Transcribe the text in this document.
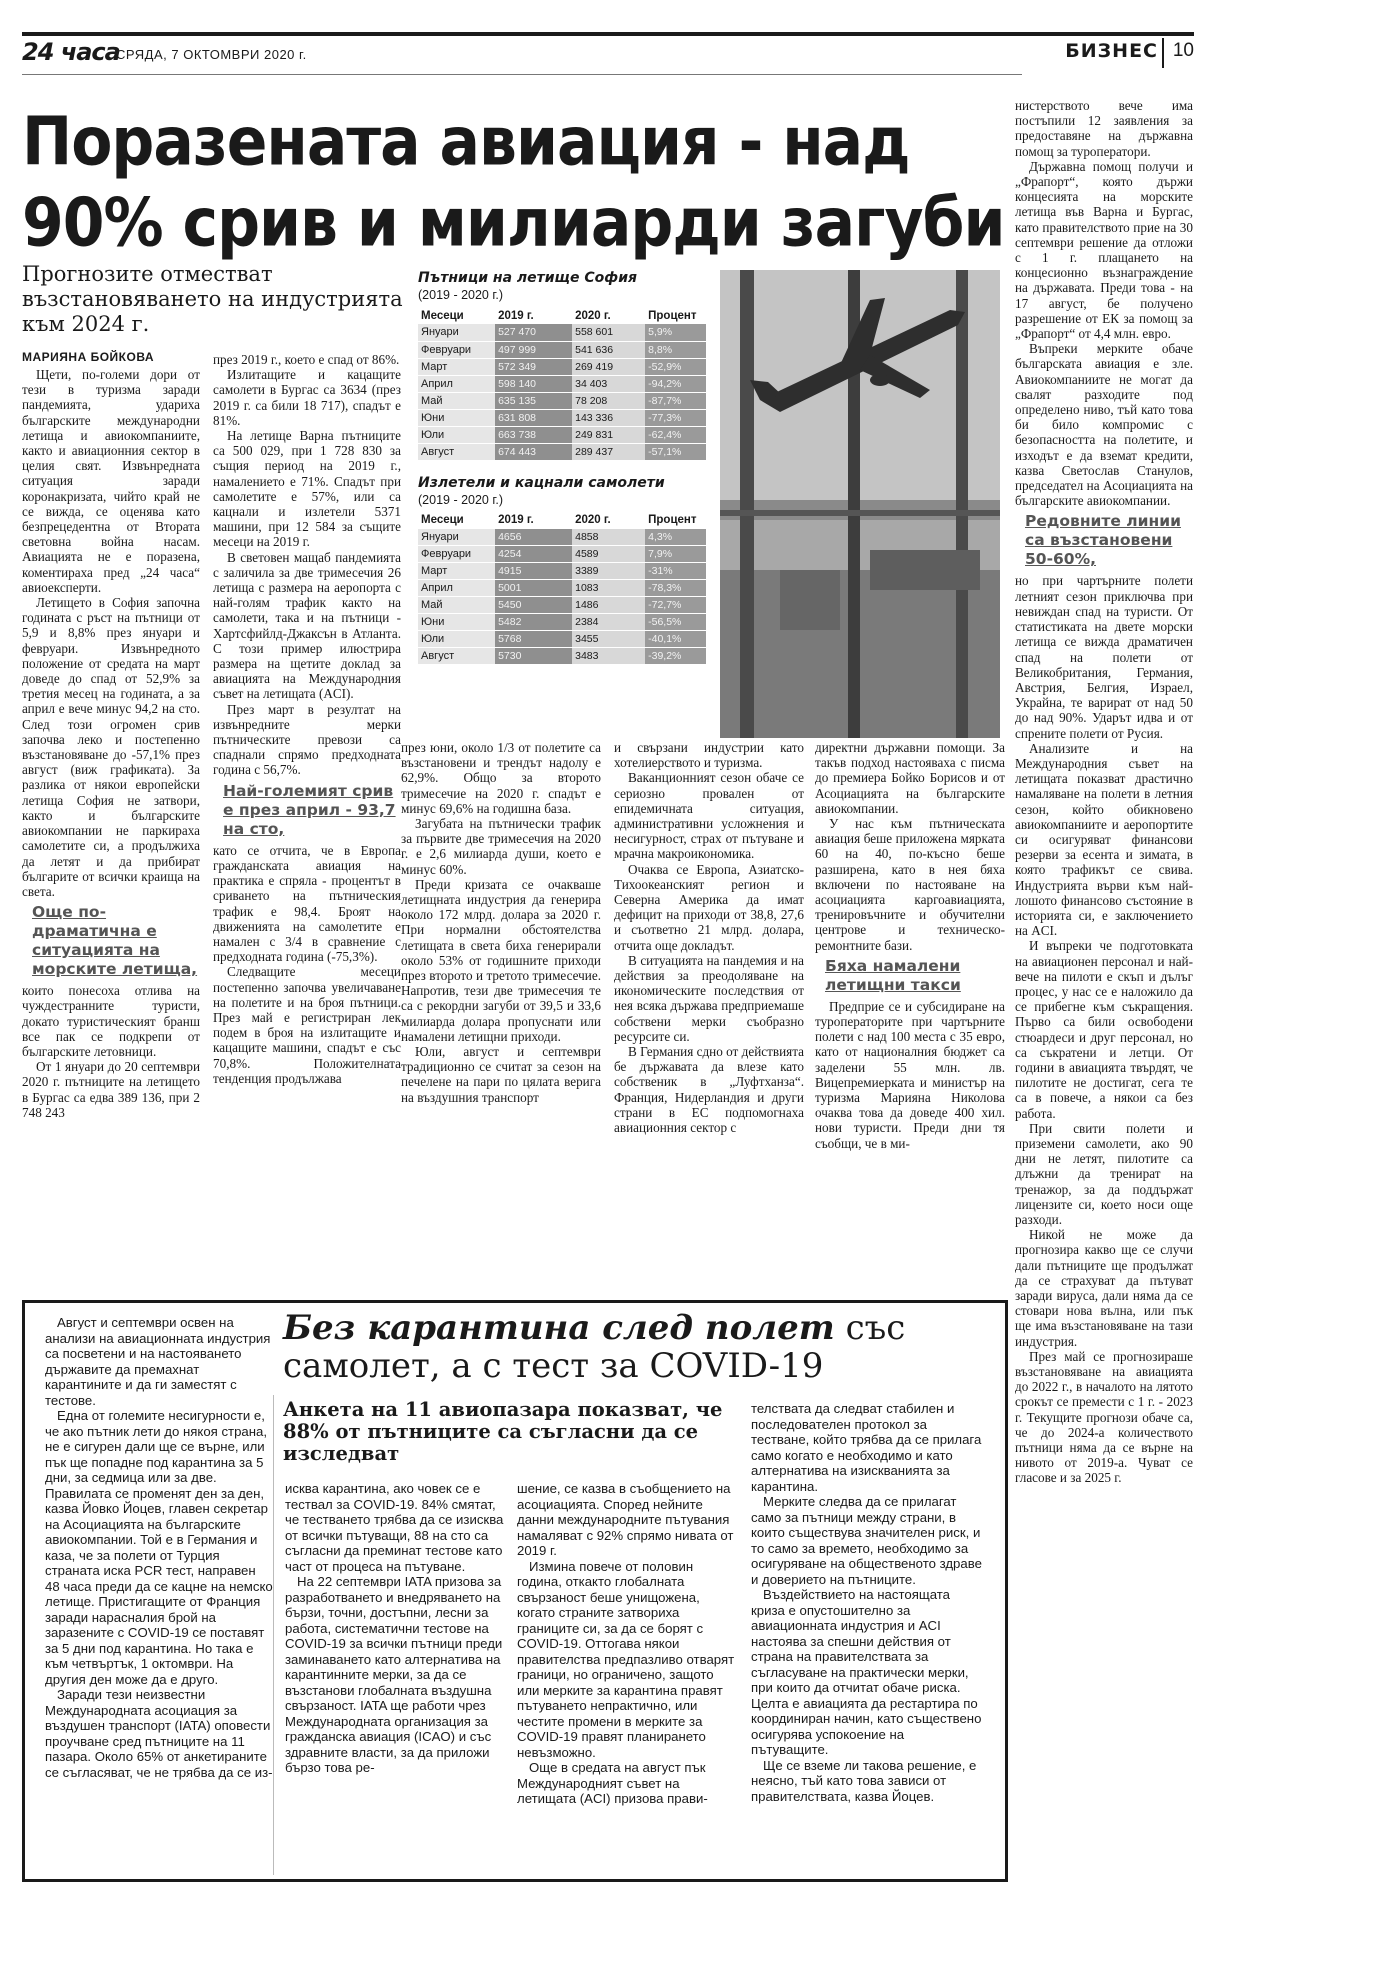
24 часа
СРЯДА, 7 ОКТОМВРИ 2020 г.	БИЗНЕС 10
Поразената авиация - над
90% срив и милиарди загуби
Прогнозите отместват възстановяването на индустрията към 2024 г.
МАРИЯНА БОЙКОВА

Щети, по-големи дори от тези в туризма заради пандемията, удариха българските международни летища и авиокомпаниите, както и авиационния сектор в целия свят. Извънредната ситуация заради коронакризата, чийто край не се вижда, се оценява като безпрецедентна от Втората световна война насам. Авиацията не е поразена, коментираха пред „24 часа“ авиоексперти.

Летището в София започна годината с ръст на пътници от 5,9 и 8,8% през януари и февруари. Извънредното положение от средата на март доведе до спад от 52,9% за третия месец на годината, а за април е вече минус 94,2 на сто. След този огромен срив започва леко и постепенно възстановяване до -57,1% през август (виж графиката). За разлика от някои европейски летища София не затвори, както и българските авиокомпании не паркираха самолетите си, а продължиха да летят и да прибират българите от всички краища на света.

Още по-драматична е ситуацията на морските летища,

които понесоха отлива на чуждестранните туристи, докато туристическият бранш все пак се подкрепи от българските летовници.

От 1 януари до 20 септември 2020 г. пътниците на летището в Бургас са едва 389 136, при 2 748 243

през 2019 г., което е спад от 86%.

Излитащите и кацащите самолети в Бургас са 3634 (през 2019 г. са били 18 717), спадът е 81%.

На летище Варна пътниците са 500 029, при 1 728 830 за същия период на 2019 г., намалението е 71%. Спадът при самолетите е 57%, или са кацнали и излетели 5371 машини, при 12 584 за същите месеци на 2019 г.

В световен мащаб пандемията с заличила за две тримесечия 26 летища с размера на аеропорта с най-голям трафик както на самолети, така и на пътници - Хартсфийлд-Джаксън в Атланта. С този пример илюстрира размера на щетите доклад за авиацията на Международния съвет на летищата (ACI).

През март в резултат на извънредните мерки пътническите превози са спаднали спрямо предходната година с 56,7%.

Най-големият срив е през април - 93,7 на сто,

като се отчита, че в Европа гражданската авиация на практика е спряла - процентът в сриването на пътническия трафик е 98,4. Броят на движенията на самолетите е намален с 3/4 в сравнение с предходната година (-75,3%).

Следващите месеци постепенно започва увеличаване на полетите и на броя пътници. През май е регистриран лек подем в броя на излитащите и кацащите машини, спадът е със 70,8%. Положителната тенденция продължава

Пътници на летище София
(2019 - 2020 г.)
Месеци	2019 г.	2020 г.	Процент
Януари	527 470	558 601	5,9%
Февруари	497 999	541 636	8,8%
Март	572 349	269 419	-52,9%
Април	598 140	34 403	-94,2%
Май	635 135	78 208	-87,7%
Юни	631 808	143 336	-77,3%
Юли	663 738	249 831	-62,4%
Август	674 443	289 437	-57,1%
Излетели и кацнали самолети
(2019 - 2020 г.)
Месеци	2019 г.	2020 г.	Процент
Януари	4656	4858	4,3%
Февруари	4254	4589	7,9%
Март	4915	3389	-31%
Април	5001	1083	-78,3%
Май	5450	1486	-72,7%
Юни	5482	2384	-56,5%
Юли	5768	3455	-40,1%
Август	5730	3483	-39,2%

през юни, около 1/3 от полетите са възстановени и трендът надолу е 62,9%. Общо за второто тримесечие на 2020 г. спадът е минус 69,6% на годишна база.

Загубата на пътнически трафик за първите две тримесечия на 2020 г. е 2,6 милиарда души, което е минус 60%.

Преди кризата се очакваше летищната индустрия да генерира около 172 млрд. долара за 2020 г. При нормални обстоятелства летищата в света биха генерирали около 53% от годишните приходи през второто и третото тримесечие. Напротив, тези две тримесечия те са с рекордни загуби от 39,5 и 33,6 милиарда долара пропуснати или намалени летищни приходи.

Юли, август и септември традиционно се считат за сезон на печелене на пари по цялата верига на въздушния транспорт

и свързани индустрии като хотелиерството и туризма.

Ваканционният сезон обаче се сериозно провален от епидемичната ситуация, административни усложнения и несигурност, страх от пътуване и мрачна макроикономика.

Очаква се Европа, Азиатско-Тихоокеанският регион и Северна Америка да имат дефицит на приходи от 38,8, 27,6 и съответно 21 млрд. долара, отчита още докладът.

В ситуацията на пандемия и на действия за преодоляване на икономическите последствия от нея всяка държава предприемаше собствени мерки съобразно ресурсите си.

В Германия сдно от действията бе държавата да влезе като собственик в „Луфтханза“. Франция, Нидерландия и други страни в ЕС подпомогнаха авиационния сектор с

директни държавни помощи. За такъв подход настояваха с писма до премиера Бойко Борисов и от Асоциацията на българските авиокомпании.

У нас към пътническата авиация беше приложена мярката 60 на 40, по-късно беше разширена, като в нея бяха включени по настояване на асоциацията каргоавиацията, тренировъчните и обучителни центрове и техническо-ремонтните бази.

Бяха намалени летищни такси

Предприе се и субсидиране на туроператорите при чартърните полети с над 100 места с 35 евро, като от националния бюджет са заделени 55 млн. лв. Вицепремиерката и министър на туризма Марияна Николова очаква това да доведе 400 хил. нови туристи. Преди дни тя съобщи, че в ми-

нистерството вече има постъпили 12 заявления за предоставяне на държавна помощ за туроператори.

Държавна помощ получи и „Фрапорт“, която държи концесията на морските летища във Варна и Бургас, като правителството прие на 30 септември решение да отложи с 1 г. плащането на концесионно възнаграждение на държавата. Преди това - на 17 август, бе получено разрешение от ЕК за помощ за „Фрапорт“ от 4,4 млн. евро.

Въпреки мерките обаче българската авиация е зле. Авиокомпаниите не могат да свалят разходите под определено ниво, тъй като това би било компромис с безопасността на полетите, и изходът е да вземат кредити, казва Светослав Станулов, председател на Асоциацията на българските авиокомпании.

Редовните линии са възстановени 50-60%,

но при чартърните полети летният сезон приключва при невиждан спад на туристи. От статистиката на двете морски летища се вижда драматичен спад на полети от Великобритания, Германия, Австрия, Белгия, Израел, Украйна, те варират от над 50 до над 90%. Ударът идва и от спрените полети от Русия.

Анализите и на Международния съвет на летищата показват драстично намаляване на полети в летния сезон, който обикновено авиокомпаниите и аеропортите си осигуряват финансови резерви за есента и зимата, в която трафикът се свива. Индустрията върви към най-лошото финансово състояние в историята си, е заключението на ACI.

И въпреки че подготовката на авиационен персонал и най-вече на пилоти е скъп и дълъг процес, у нас се е наложило да се прибегне към съкращения. Първо са били освободени стюардеси и друг персонал, но са съкратени и летци. От години в авиацията твърдят, че пилотите не достигат, сега те са в повече, а някои са без работа.

При свити полети и приземени самолети, ако 90 дни не летят, пилотите са длъжни да тренират на тренажор, за да поддържат лицензите си, което носи още разходи.

Никой не може да прогнозира какво ще се случи дали пътниците ще продължат да се страхуват да пътуват заради вируса, дали няма да се стовари нова вълна, или пък ще има възстановяване на тази индустрия.

През май се прогнозираше възстановяване на авиацията до 2022 г., в началото на лятото срокът се премести с 1 г. - 2023 г. Текущите прогнози обаче са, че до 2024-а количеството пътници няма да се върне на нивото от 2019-а. Чуват се гласове и за 2025 г.

Август и септември освен на анализи на авиационната индустрия са посветени и на настояването държавите да премахнат карантините и да ги заместят с тестове.

Една от големите несигурности е, че ако пътник лети до някоя страна, не е сигурен дали ще се върне, или пък ще попадне под карантина за 5 дни, за седмица или за две. Правилата се променят ден за ден, казва Йовко Йоцев, главен секретар на Асоциацията на българските авиокомпании. Той е в Германия и каза, че за полети от Турция страната иска PCR тест, направен 48 часа преди да се кацне на немско летище. Пристигащите от Франция заради нарасналия брой на заразените с COVID-19 се поставят за 5 дни под карантина. Но така е към четвъртък, 1 октомври. На другия ден може да е друго.

Заради тези неизвестни Международната асоциация за въздушен транспорт (IATA) оповести проучване сред пътниците на 11 пазара. Около 65% от анкетираните се съгласяват, че не трябва да се из-

Без карантина след полет със самолет, а с тест за COVID-19
Анкета на 11 авиопазара показват, че 88% от пътниците са съгласни да се изследват

исква карантина, ако човек се е тествал за COVID-19. 84% смятат, че тестването трябва да се изисква от всички пътуващи, 88 на сто са съгласни да преминат тестове като част от процеса на пътуване.

На 22 септември IATA призова за разработването и внедряването на бързи, точни, достъпни, лесни за работа, систематични тестове на COVID-19 за всички пътници преди заминаването като алтернатива на карантинните мерки, за да се възстанови глобалната въздушна свързаност. IATA ще работи чрез Международната организация за гражданска авиация (ICAO) и със здравните власти, за да приложи бързо това ре-

шение, се казва в съобщението на асоциацията. Според нейните данни международните пътувания намаляват с 92% спрямо нивата от 2019 г.

Измина повече от половин година, откакто глобалната свързаност беше унищожена, когато страните затвориха границите си, за да се борят с COVID-19. Оттогава някои правителства предпазливо отварят граници, но ограничено, защото или мерките за карантина правят пътуването непрактично, или честите промени в мерките за COVID-19 правят планирането невъзможно.

Още в средата на август пък Международният съвет на летищата (ACI) призова прави-

телствата да следват стабилен и последователен протокол за тестване, който трябва да се прилага само когато е необходимо и като алтернатива на изискванията за карантина.

Мерките следва да се прилагат само за пътници между страни, в които съществува значителен риск, и то само за времето, необходимо за осигуряване на общественото здраве и доверието на пътниците.

Въздействието на настоящата криза е опустошително за авиационната индустрия и ACI настоява за спешни действия от страна на правителствата за съгласуване на практически мерки, при които да отчитат обаче риска. Целта е авиацията да рестартира по координиран начин, като съществено осигурява успокоение на пътуващите.

Ще се вземе ли такова решение, е неясно, тъй като това зависи от правителствата, казва Йоцев.
